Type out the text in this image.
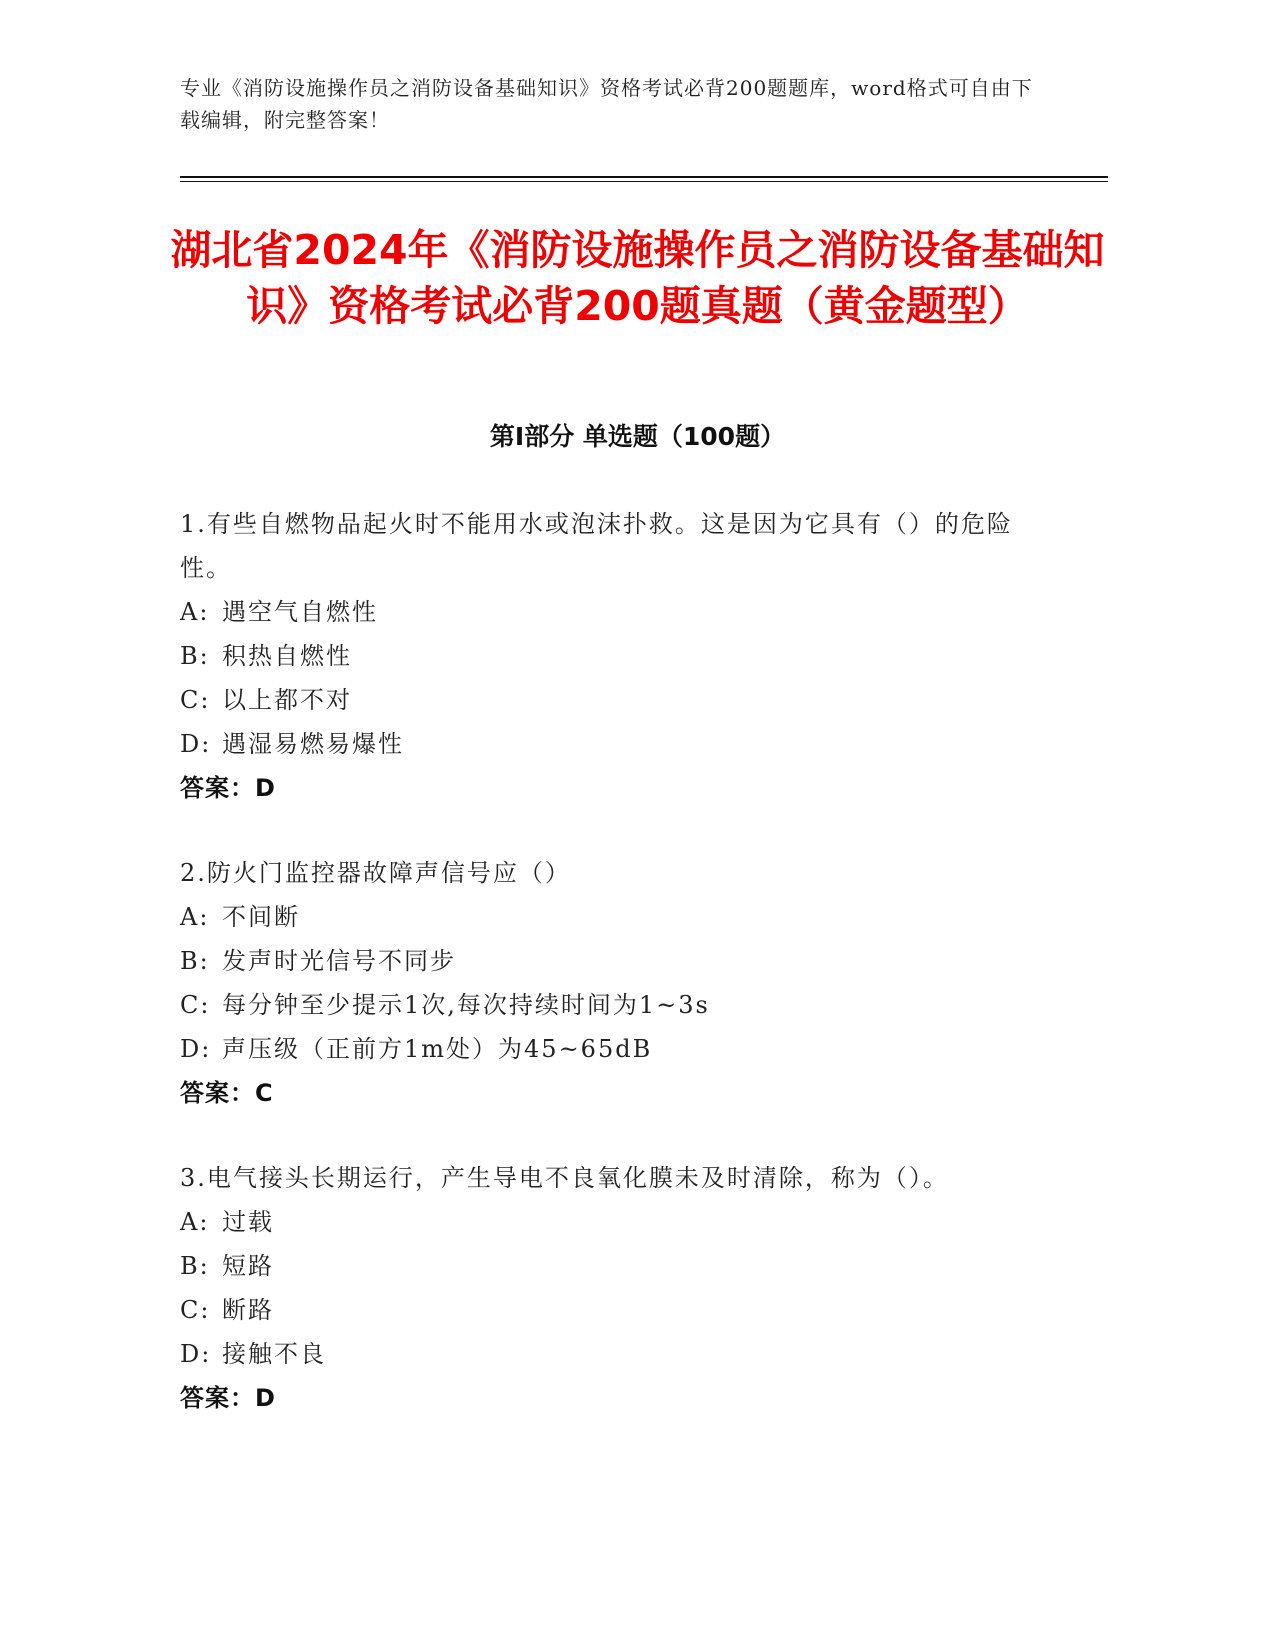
专业《消防设施操作员之消防设备基础知识》资格考试必背200题题库，word格式可自由下载编辑，附完整答案！
湖北省2024年《消防设施操作员之消防设备基础知识》资格考试必背200题真题（黄金题型）
第I部分 单选题（100题）
1.有些自燃物品起火时不能用水或泡沫扑救。这是因为它具有（）的危险性。
A: 遇空气自燃性
B: 积热自燃性
C: 以上都不对
D: 遇湿易燃易爆性
答案：D
2.防火门监控器故障声信号应（）
A: 不间断
B: 发声时光信号不同步
C: 每分钟至少提示1次,每次持续时间为1~3s
D: 声压级（正前方1m处）为45~65dB
答案：C
3.电气接头长期运行，产生导电不良氧化膜未及时清除，称为（）。
A: 过载
B: 短路
C: 断路
D: 接触不良
答案：D
